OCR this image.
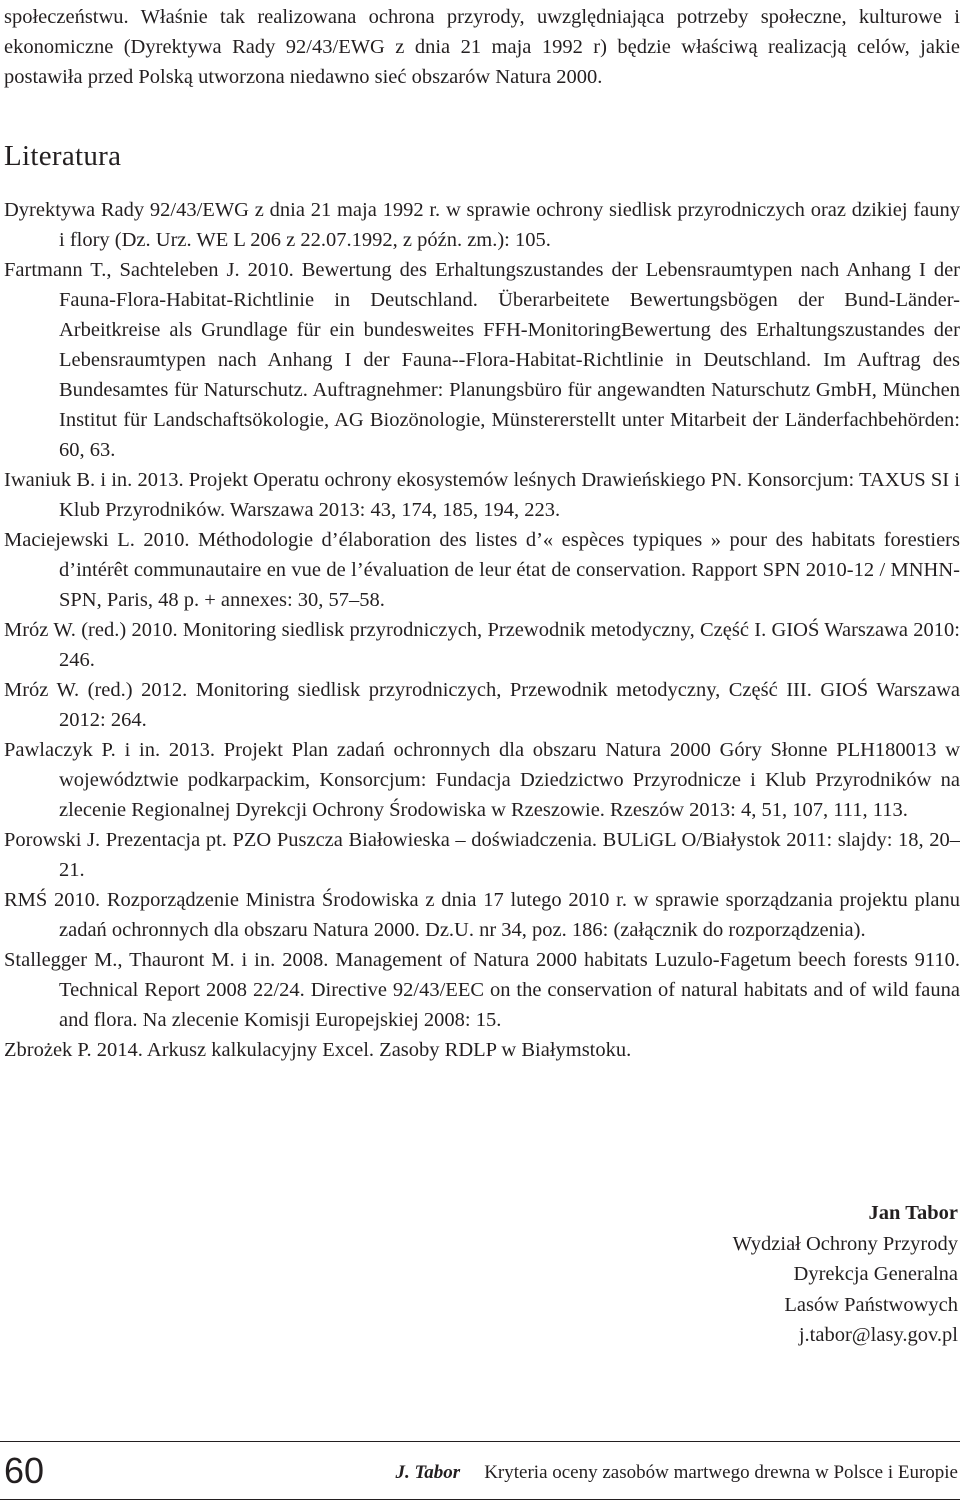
społeczeństwu. Właśnie tak realizowana ochrona przyrody, uwzględniająca potrzeby społeczne, kulturowe i ekonomiczne (Dyrektywa Rady 92/43/EWG z dnia 21 maja 1992 r) będzie właściwą realizacją celów, jakie postawiła przed Polską utworzona niedawno sieć obszarów Natura 2000.
Literatura
Dyrektywa Rady 92/43/EWG z dnia 21 maja 1992 r. w sprawie ochrony siedlisk przyrodniczych oraz dzikiej fauny i flory (Dz. Urz. WE L 206 z 22.07.1992, z późn. zm.): 105.
Fartmann T., Sachteleben J. 2010. Bewertung des Erhaltungszustandes der Lebensraumtypen nach Anhang I der Fauna-Flora-Habitat-Richtlinie in Deutschland. Überarbeitete Bewertungsbögen der Bund-Länder-Arbeitkreise als Grundlage für ein bundesweites FFH-MonitoringBewertung des Erhaltungszustandes der Lebensraumtypen nach Anhang I der Fauna--Flora-Habitat-Richtlinie in Deutschland. Im Auftrag des Bundesamtes für Naturschutz. Auftragnehmer: Planungsbüro für angewandten Naturschutz GmbH, München Institut für Landschaftsökologie, AG Biozönologie, Münstererstellt unter Mitarbeit der Länderfachbehörden: 60, 63.
Iwaniuk B. i in. 2013. Projekt Operatu ochrony ekosystemów leśnych Drawieńskiego PN. Konsorcjum: TAXUS SI i Klub Przyrodników. Warszawa 2013: 43, 174, 185, 194, 223.
Maciejewski L. 2010. Méthodologie d’élaboration des listes d’« espèces typiques » pour des habitats forestiers d’intérêt communautaire en vue de l’évaluation de leur état de conservation. Rapport SPN 2010-12 / MNHN-SPN, Paris, 48 p. + annexes: 30, 57–58.
Mróz W. (red.) 2010. Monitoring siedlisk przyrodniczych, Przewodnik metodyczny, Część I. GIOŚ Warszawa 2010: 246.
Mróz W. (red.) 2012. Monitoring siedlisk przyrodniczych, Przewodnik metodyczny, Część III. GIOŚ Warszawa 2012: 264.
Pawlaczyk P. i in. 2013. Projekt Plan zadań ochronnych dla obszaru Natura 2000 Góry Słonne PLH180013 w województwie podkarpackim, Konsorcjum: Fundacja Dziedzictwo Przyrodnicze i Klub Przyrodników na zlecenie Regionalnej Dyrekcji Ochrony Środowiska w Rzeszowie. Rzeszów 2013: 4, 51, 107, 111, 113.
Porowski J. Prezentacja pt. PZO Puszcza Białowieska – doświadczenia. BULiGL O/Białystok 2011: slajdy: 18, 20–21.
RMŚ 2010. Rozporządzenie Ministra Środowiska z dnia 17 lutego 2010 r. w sprawie sporządzania projektu planu zadań ochronnych dla obszaru Natura 2000. Dz.U. nr 34, poz. 186: (załącznik do rozporządzenia).
Stallegger M., Thauront M. i in. 2008. Management of Natura 2000 habitats Luzulo-Fagetum beech forests 9110. Technical Report 2008 22/24. Directive 92/43/EEC on the conservation of natural habitats and of wild fauna and flora. Na zlecenie Komisji Europejskiej 2008: 15.
Zbrożek P. 2014. Arkusz kalkulacyjny Excel. Zasoby RDLP w Białymstoku.
Jan Tabor
Wydział Ochrony Przyrody
Dyrekcja Generalna
Lasów Państwowych
j.tabor@lasy.gov.pl
60	J. Tabor Kryteria oceny zasobów martwego drewna w Polsce i Europie
